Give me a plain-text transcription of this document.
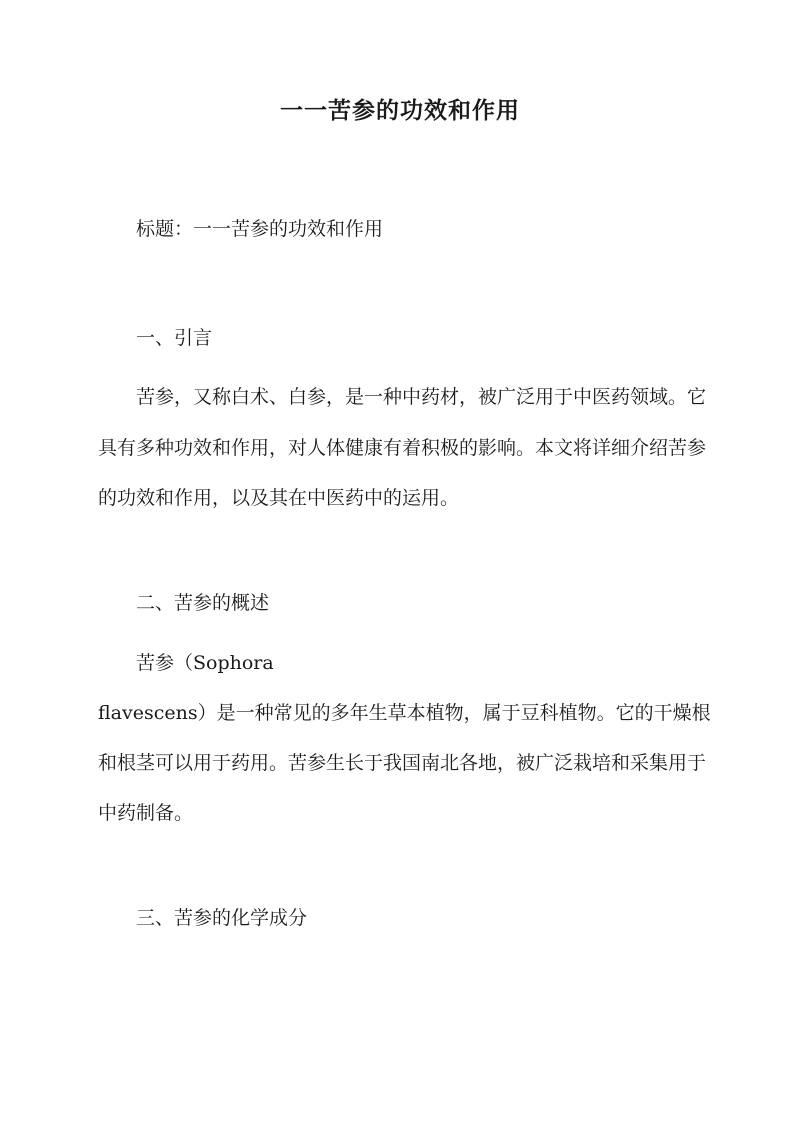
一一苦参的功效和作用
标题：一一苦参的功效和作用
一、引言
苦参，又称白术、白参，是一种中药材，被广泛用于中医药领域。它
具有多种功效和作用，对人体健康有着积极的影响。本文将详细介绍苦参
的功效和作用，以及其在中医药中的运用。
二、苦参的概述
苦参（Sophora
flavescens）是一种常见的多年生草本植物，属于豆科植物。它的干燥根
和根茎可以用于药用。苦参生长于我国南北各地，被广泛栽培和采集用于
中药制备。
三、苦参的化学成分
